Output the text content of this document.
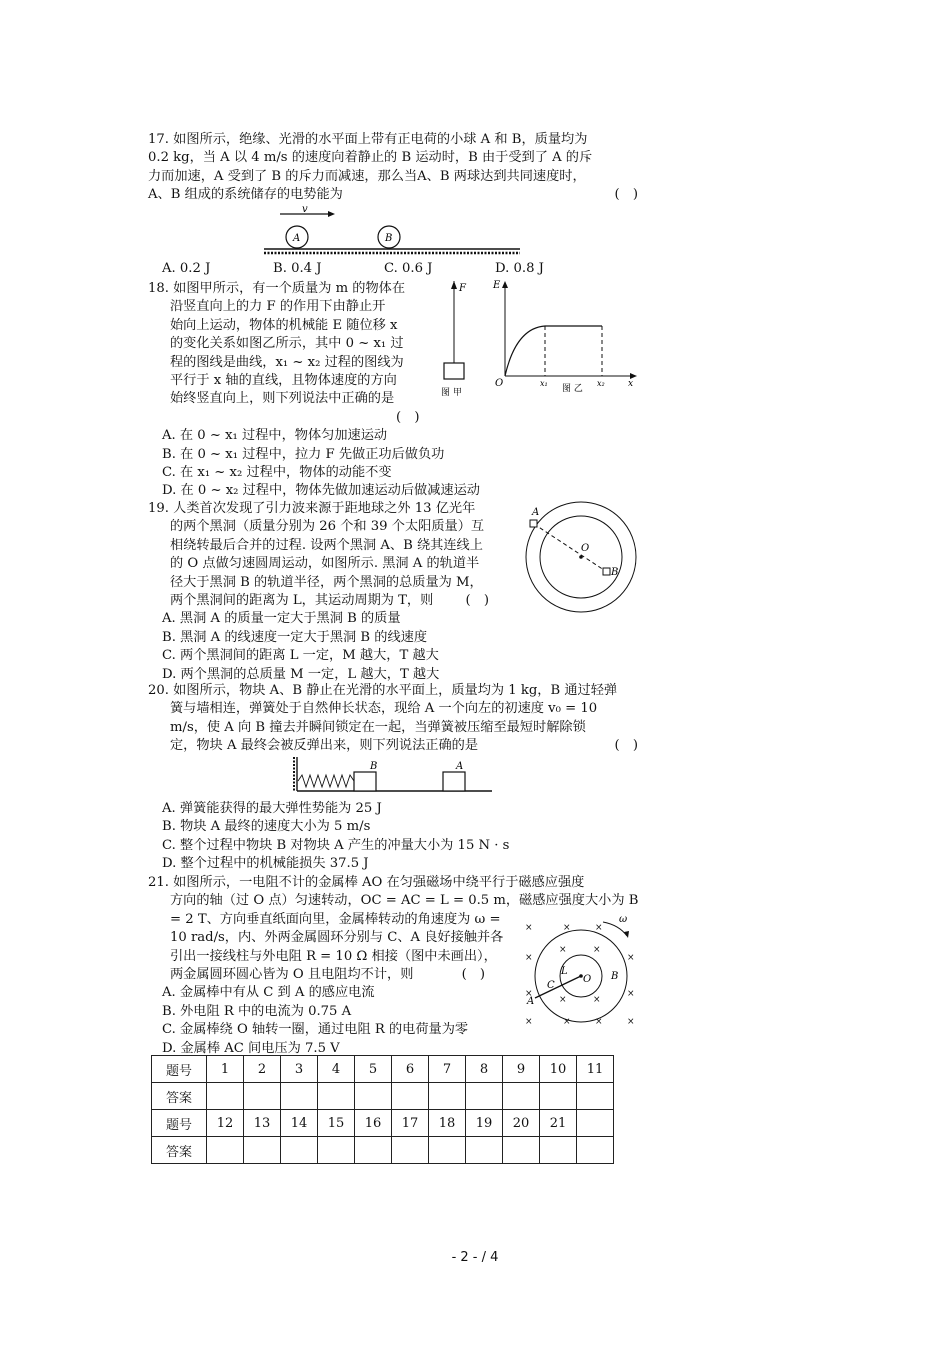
17. 如图所示，绝缘、光滑的水平面上带有正电荷的小球 A 和 B，质量均为
0.2 kg，当 A 以 4 m/s 的速度向着静止的 B 运动时，B 由于受到了 A 的斥
力而加速，A 受到了 B 的斥力而减速，那么当A、B 两球达到共同速度时，
A、B 组成的系统储存的电势能为	(　)
v
A	B
A. 0.2 J	B. 0.4 J	C. 0.6 J	D. 0.8 J
18. 如图甲所示，有一个质量为 m 的物体在
沿竖直向上的力 F 的作用下由静止开
始向上运动，物体的机械能 E 随位移 x
的变化关系如图乙所示，其中 0 ~ x₁ 过
程的图线是曲线，x₁ ~ x₂ 过程的图线为
平行于 x 轴的直线，且物体速度的方向
始终竖直向上，则下列说法中正确的是
(　)
A. 在 0 ~ x₁ 过程中，物体匀加速运动
B. 在 0 ~ x₁ 过程中，拉力 F 先做正功后做负功
C. 在 x₁ ~ x₂ 过程中，物体的动能不变
D. 在 0 ~ x₂ 过程中，物体先做加速运动后做减速运动
F
图 甲
E
O	x₁	x₂	x
图 乙
19. 人类首次发现了引力波来源于距地球之外 13 亿光年
的两个黑洞（质量分别为 26 个和 39 个太阳质量）互
相绕转最后合并的过程. 设两个黑洞 A、B 绕其连线上
的 O 点做匀速圆周运动，如图所示. 黑洞 A 的轨道半
径大于黑洞 B 的轨道半径，两个黑洞的总质量为 M，
两个黑洞间的距离为 L，其运动周期为 T，则 (　)
A. 黑洞 A 的质量一定大于黑洞 B 的质量
B. 黑洞 A 的线速度一定大于黑洞 B 的线速度
C. 两个黑洞间的距离 L 一定，M 越大，T 越大
D. 两个黑洞的总质量 M 一定，L 越大，T 越大
A
O
B
20. 如图所示，物块 A、B 静止在光滑的水平面上，质量均为 1 kg，B 通过轻弹
簧与墙相连，弹簧处于自然伸长状态，现给 A 一个向左的初速度 v₀ = 10
m/s，使 A 向 B 撞去并瞬间锁定在一起，当弹簧被压缩至最短时解除锁
定，物块 A 最终会被反弹出来，则下列说法正确的是	(　)
B	A
A. 弹簧能获得的最大弹性势能为 25 J
B. 物块 A 最终的速度大小为 5 m/s
C. 整个过程中物块 B 对物块 A 产生的冲量大小为 15 N · s
D. 整个过程中的机械能损失 37.5 J
21. 如图所示，一电阻不计的金属棒 AO 在匀强磁场中绕平行于磁感应强度
方向的轴（过 O 点）匀速转动，OC = AC = L = 0.5 m，磁感应强度大小为 B
= 2 T、方向垂直纸面向里，金属棒转动的角速度为 ω =
10 rad/s，内、外两金属圆环分别与 C、A 良好接触并各
引出一接线柱与外电阻 R = 10 Ω 相接（图中未画出），
两金属圆环圆心皆为 O 且电阻均不计，则	(　)
A. 金属棒中有从 C 到 A 的感应电流
B. 外电阻 R 中的电流为 0.75 A
C. 金属棒绕 O 轴转一圈，通过电阻 R 的电荷量为零
D. 金属棒 AC 间电压为 7.5 V
×	×	×
×	×
×	×
×	×	×	×
×	×
×	×
ω
L
O B
C
A
题号	1	2	3	4	5	6	7	8	9	10	11
答案											
题号	12	13	14	15	16	17	18	19	20	21	
答案											
- 2 - / 4
